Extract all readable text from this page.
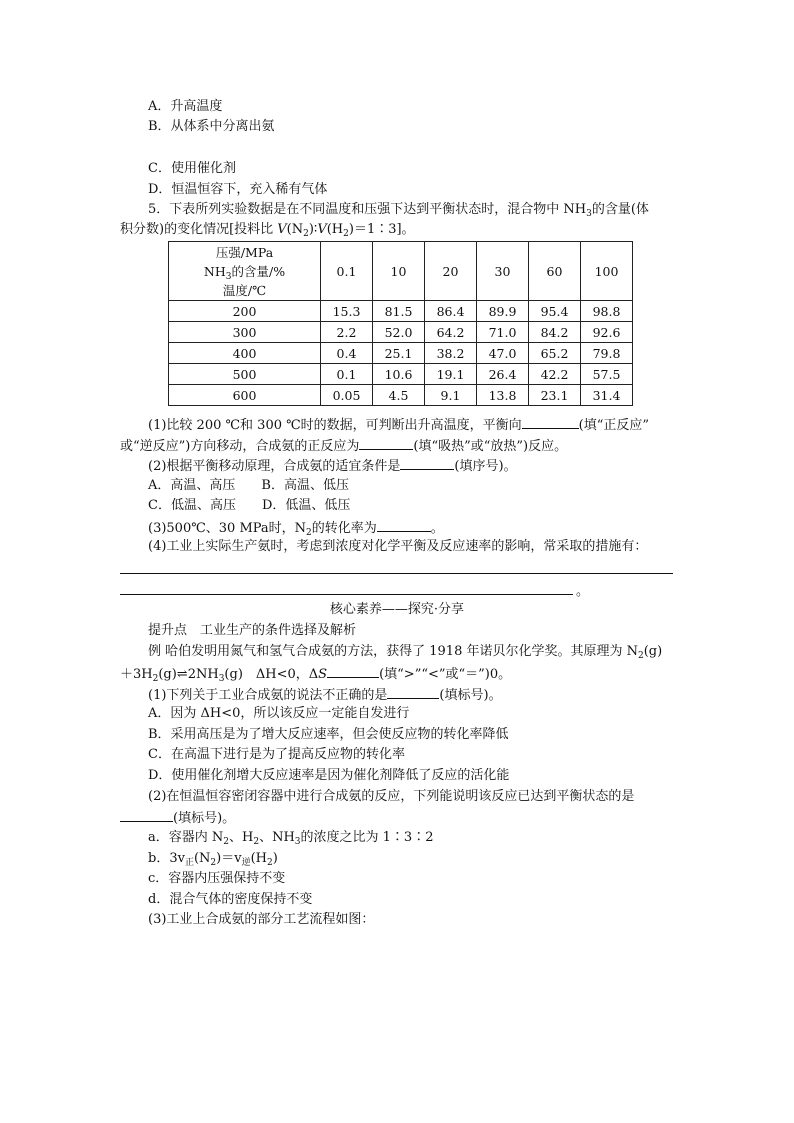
A．升高温度
B．从体系中分离出氨
C．使用催化剂
D．恒温恒容下，充入稀有气体
5．下表所列实验数据是在不同温度和压强下达到平衡状态时，混合物中 $NH_3$的含量(体
积分数)的变化情况[投料比 $V(N_2)∶V(H_2)=1∶3$]。
压强/MPa
$NH_3$的含量/%
温度/℃	0.1	10	20	30	60	100
200	15.3	81.5	86.4	89.9	95.4	98.8
300	2.2	52.0	64.2	71.0	84.2	92.6
400	0.4	25.1	38.2	47.0	65.2	79.8
500	0.1	10.6	19.1	26.4	42.2	57.5
600	0.05	4.5	9.1	13.8	23.1	31.4
(1)比较 200 ℃和 300 ℃时的数据，可判断出升高温度，平衡向	(填“正反应”
或“逆反应”)方向移动，合成氨的正反应为	(填“吸热”或“放热”)反应。
(2)根据平衡移动原理，合成氨的适宜条件是	(填序号)。
A．高温、高压　　B．高温、低压
C．低温、高压　　D．低温、低压
(3)500℃、30 MPa时，$N_2$的转化率为	。
(4)工业上实际生产氨时，考虑到浓度对化学平衡及反应速率的影响，常采取的措施有：
。
核心素养——探究·分享
提升点　工业生产的条件选择及解析
例 哈伯发明用氮气和氢气合成氨的方法，获得了 1918 年诺贝尔化学奖。其原理为 $N_2(g)$
$+3H_2(g)\rightleftharpoons 2NH_3(g)$　ΔH<0，ΔS	(填“>”“<”或“＝”)0。
(1)下列关于工业合成氨的说法不正确的是	(填标号)。
A．因为 ΔH<0，所以该反应一定能自发进行
B．采用高压是为了增大反应速率，但会使反应物的转化率降低
C．在高温下进行是为了提高反应物的转化率
D．使用催化剂增大反应速率是因为催化剂降低了反应的活化能
(2)在恒温恒容密闭容器中进行合成氨的反应，下列能说明该反应已达到平衡状态的是
(填标号)。
a．容器内 $N_2$、$H_2$、$NH_3$的浓度之比为 1∶3∶2
b．$3v_正(N_2)=v_逆(H_2)$
c．容器内压强保持不变
d．混合气体的密度保持不变
(3)工业上合成氨的部分工艺流程如图：
